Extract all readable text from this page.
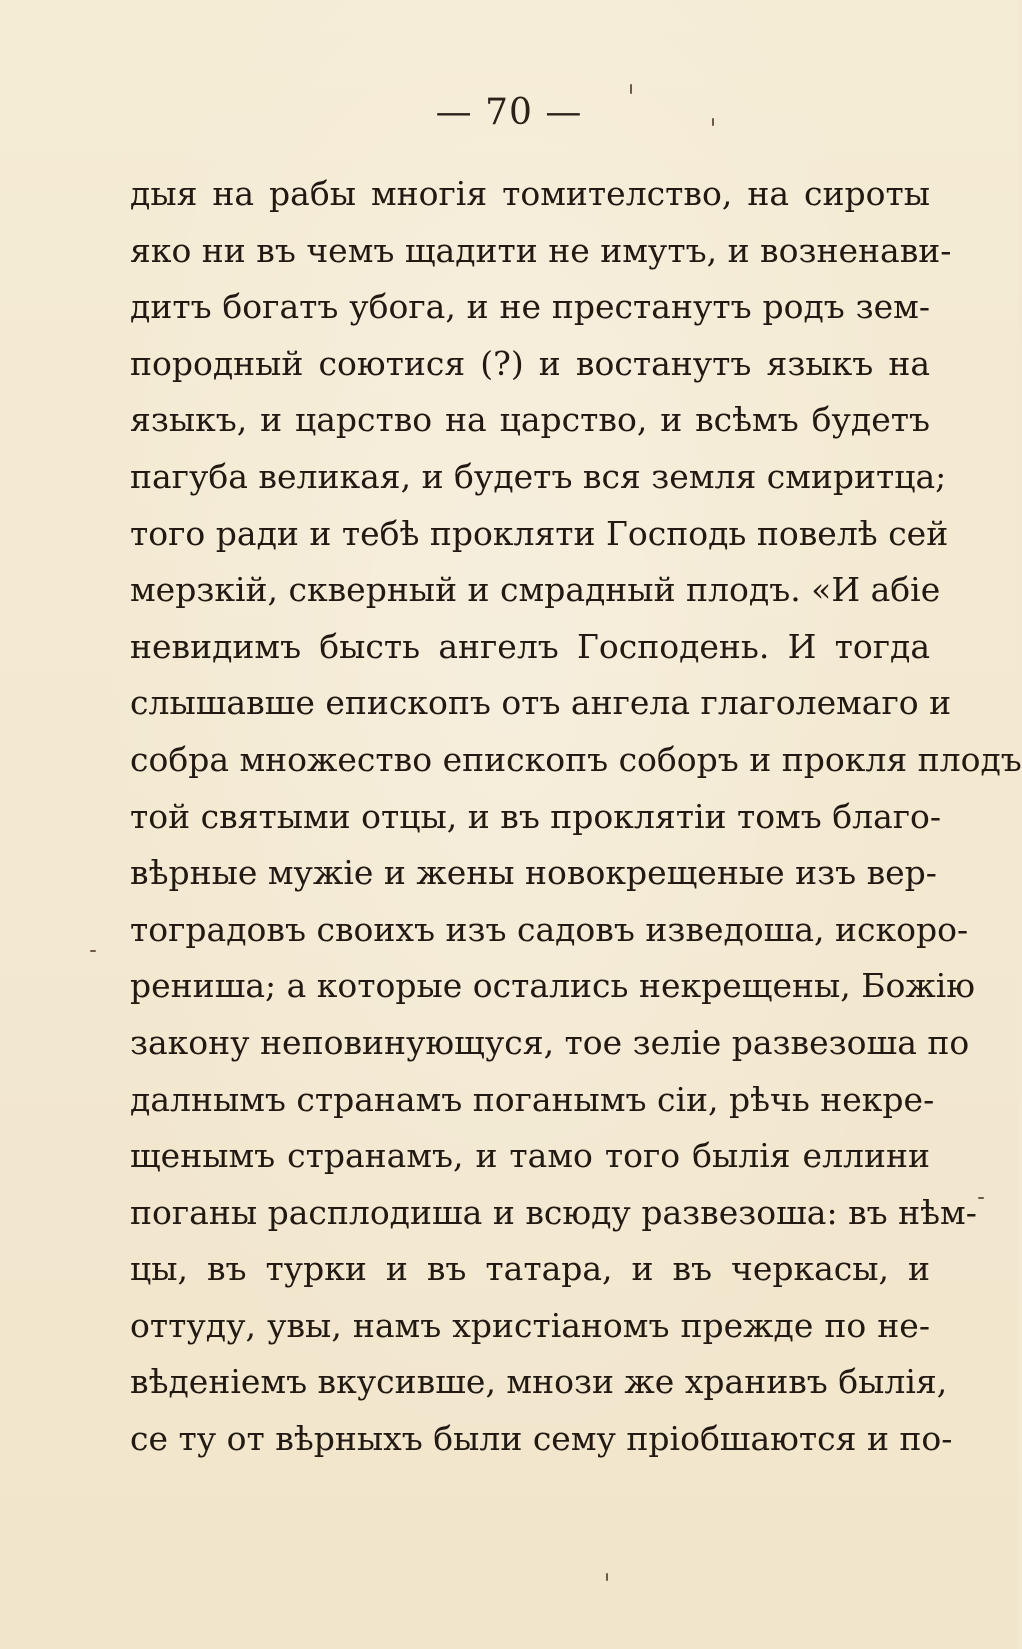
— 70 —
дыя на рабы многія томителство, на сироты
яко ни въ чемъ щадити не имутъ, и возненави-
дитъ богатъ убога, и не престанутъ родъ зем-
породный соютися (?) и востанутъ языкъ на
языкъ, и царство на царство, и всѣмъ будетъ
пагуба великая, и будетъ вся земля смиритца;
того ради и тебѣ прокляти Господь повелѣ сей
мерзкій, скверный и смрадный плодъ. «И абіе
невидимъ бысть ангелъ Господень. И тогда
слышавше епископъ отъ ангела глаголемаго и
собра множество епископъ соборъ и прокля плодъ
той святыми отцы, и въ проклятіи томъ благо-
вѣрные мужіе и жены новокрещеные изъ вер-
тоградовъ своихъ изъ садовъ изведоша, искоро-
рениша; а которые остались некрещены, Божію
закону неповинующуся, тое зеліе развезоша по
далнымъ странамъ поганымъ сіи, рѣчь некре-
щенымъ странамъ, и тамо того былія еллини
поганы расплодиша и всюду развезоша: въ нѣм-
цы, въ турки и въ татара, и въ черкасы, и
оттуду, увы, намъ христіаномъ прежде по не-
вѣденіемъ вкусивше, мнози же хранивъ былія,
се ту от вѣрныхъ были сему пріобшаются и по-
